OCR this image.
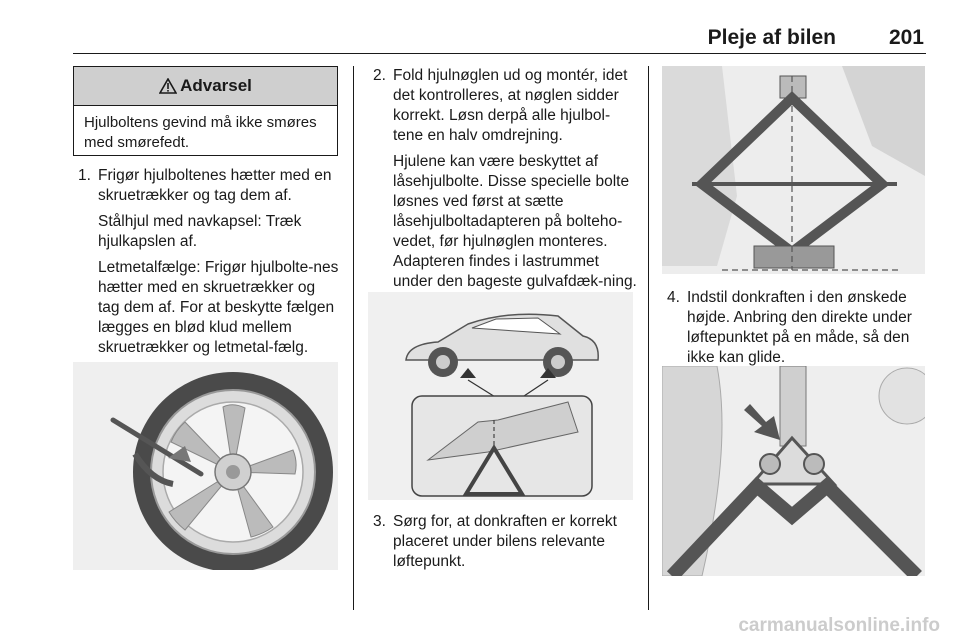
Pleje af bilen	201
Advarsel
Hjulboltens gevind må ikke smøres med smørefedt.
1. Frigør hjulboltenes hætter med en skruetrækker og tag dem af.

Stålhjul med navkapsel: Træk hjulkapslen af.

Letmetalfælge: Frigør hjulbolte-nes hætter med en skruetrækker og tag dem af. For at beskytte fælgen lægges en blød klud mellem skruetrækker og letmetal-fælg.

2. Fold hjulnøglen ud og montér, idet det kontrolleres, at nøglen sidder korrekt. Løsn derpå alle hjulbol-tene en halv omdrejning.

Hjulene kan være beskyttet af låsehjulbolte. Disse specielle bolte løsnes ved først at sætte låsehjulboltadapteren på bolteho-vedet, før hjulnøglen monteres. Adapteren findes i lastrummet under den bageste gulvafdæk-ning.

3. Sørg for, at donkraften er korrekt placeret under bilens relevante løftepunkt.

4. Indstil donkraften i den ønskede højde. Anbring den direkte under løftepunktet på en måde, så den ikke kan glide.

carmanualsonline.info
